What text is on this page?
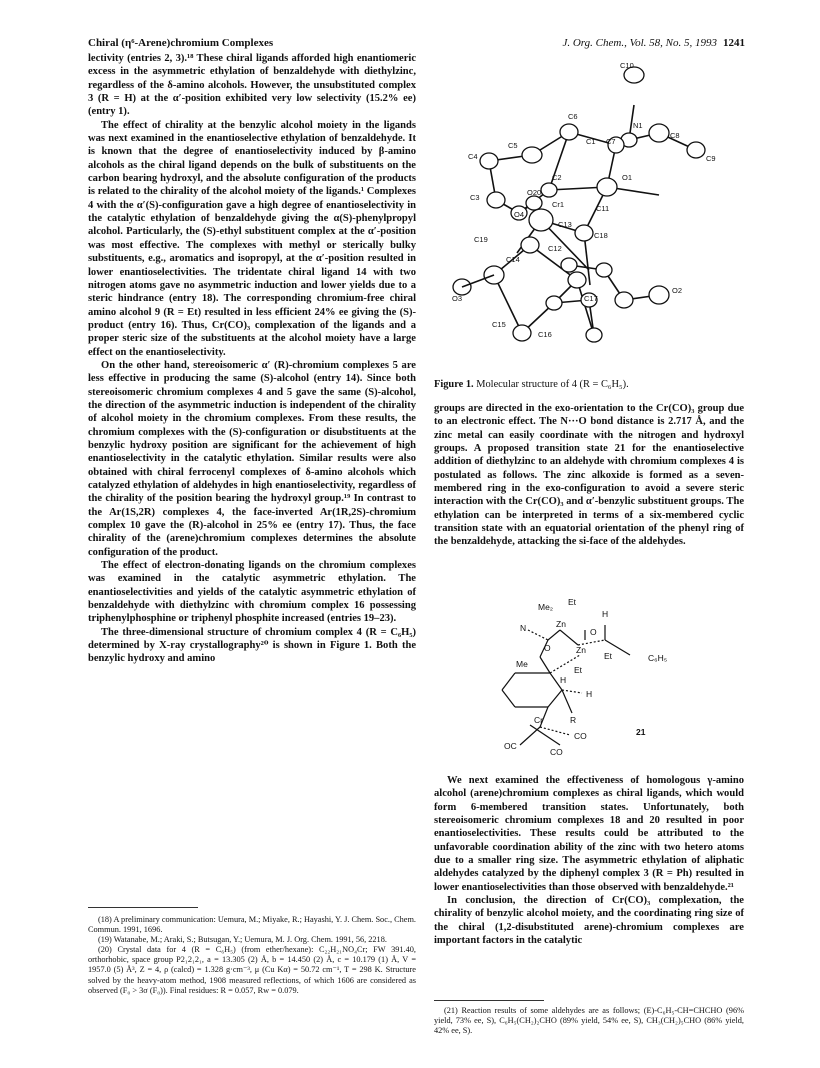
Chiral (η⁶-Arene)chromium Complexes	J. Org. Chem., Vol. 58, No. 5, 1993 1241

lectivity (entries 2, 3).¹⁸ These chiral ligands afforded high enantiomeric excess in the asymmetric ethylation of benzaldehyde with diethylzinc, regardless of the δ-amino alcohols. However, the unsubstituted complex 3 (R = H) at the α′-position exhibited very low selectivity (15.2% ee) (entry 1).

The effect of chirality at the benzylic alcohol moiety in the ligands was next examined in the enantioselective ethylation of benzaldehyde. It is known that the degree of enantioselectivity induced by β-amino alcohols as the chiral ligand depends on the bulk of substituents on the carbon bearing hydroxyl, and the absolute configuration of the products is related to the chirality of the alcohol moiety of the ligands.¹ Complexes 4 with the α′(S)-configuration gave a high degree of enantioselectivity in the catalytic ethylation of benzaldehyde giving the α(S)-phenylpropyl alcohol. Particularly, the (S)-ethyl substituent complex at the α′-position was most effective. The complexes with methyl or sterically bulky substituents, e.g., aromatics and isopropyl, at the α′-position resulted in lower enantioselectivities. The tridentate chiral ligand 14 with two nitrogen atoms gave no asymmetric induction and lower yields due to a steric hindrance (entry 18). The corresponding chromium-free chiral amino alcohol 9 (R = Et) resulted in less efficient 24% ee giving the (S)-product (entry 16). Thus, Cr(CO)₃ complexation of the ligands and a proper steric size of the substituents at the alcohol moiety have a large effect on the enantioselectivity.

On the other hand, stereoisomeric α′ (R)-chromium complexes 5 are less effective in producing the same (S)-alcohol (entry 14). Since both stereoisomeric chromium complexes 4 and 5 gave the same (S)-alcohol, the direction of the asymmetric induction is independent of the chirality of alcohol moiety in the chromium complexes. From these results, the chromium complexes with the (S)-configuration or disubstituents at the benzylic hydroxy position are significant for the achievement of high enantioselectivity in the catalytic ethylation. Similar results were also obtained with chiral ferrocenyl complexes of δ-amino alcohols which catalyzed ethylation of aldehydes in high enantioselectivity, regardless of the chirality of the position bearing the hydroxyl group.¹⁹ In contrast to the Ar(1S,2R) complexes 4, the face-inverted Ar(1R,2S)-chromium complex 10 gave the (R)-alcohol in 25% ee (entry 17). Thus, the face chirality of the (arene)chromium complexes determines the absolute configuration of the product.

The effect of electron-donating ligands on the chromium complexes was examined in the catalytic asymmetric ethylation. The enantioselectivities and yields of the catalytic asymmetric ethylation of benzaldehyde with diethylzinc with chromium complex 16 possessing triphenylphosphine or triphenyl phosphite increased (entries 19–23).

The three-dimensional structure of chromium complex 4 (R = C₆H₅) determined by X-ray crystallography²⁰ is shown in Figure 1. Both the benzylic hydroxy and amino

(18) A preliminary communication: Uemura, M.; Miyake, R.; Hayashi, Y. J. Chem. Soc., Chem. Commun. 1991, 1696.

(19) Watanabe, M.; Araki, S.; Butsugan, Y.; Uemura, M. J. Org. Chem. 1991, 56, 2218.

(20) Crystal data for 4 (R = C₆H₅) (from ether/hexane): C₂₂H₂₁NO₄Cr; FW 391.40, orthorhobic, space group P2₁2₁2₁, a = 13.305 (2) Å, b = 14.450 (2) Å, c = 10.179 (1) Å, V = 1957.0 (5) Å³, Z = 4, ρ (calcd) = 1.328 g·cm⁻³, μ (Cu Kα) = 50.72 cm⁻¹, T = 298 K. Structure solved by the heavy-atom method, 1908 measured reflections, of which 1606 are considered as observed (F₀ > 3σ (F₀)). Final residues: R = 0.057, Rw = 0.079.

C10
C5
C6
N1
C7
C8
C9
C1
C4
C2	O1
C3
O20
Cr1	C11
O4
C13
C18
C19
C12
C14
C17
O2
O3
C15
C16
Figure 1. Molecular structure of 4 (R = C₆H₅).

groups are directed in the exo-orientation to the Cr(CO)₃ group due to an electronic effect. The N···O bond distance is 2.717 Å, and the zinc metal can easily coordinate with the nitrogen and hydroxyl groups. A proposed transition state 21 for the enantioselective addition of diethylzinc to an aldehyde with chromium complexes 4 is postulated as follows. The zinc alkoxide is formed as a seven-membered ring in the exo-configuration to avoid a severe steric interaction with the Cr(CO)₃ and α′-benzylic substituent groups. The ethylation can be interpreted in terms of a six-membered cyclic transition state with an equatorial orientation of the phenyl ring of the benzaldehyde, attacking the si-face of the aldehydes.

Me₂ Et
H
N	Zn
O
Zn
O
C₆H₅
Me
Et
Et
H
H
R
Cr
CO
OC
CO
21

We next examined the effectiveness of homologous γ-amino alcohol (arene)chromium complexes as chiral ligands, which would form 6-membered transition states. Unfortunately, both stereoisomeric chromium complexes 18 and 20 resulted in poor enantioselectivities. These results could be attributed to the unfavorable coordination ability of the zinc with two hetero atoms due to a smaller ring size. The asymmetric ethylation of aliphatic aldehydes catalyzed by the diphenyl complex 3 (R = Ph) resulted in lower enantioselectivities than those observed with benzaldehyde.²¹

In conclusion, the direction of Cr(CO)₃ complexation, the chirality of benzylic alcohol moiety, and the coordinating ring size of the chiral (1,2-disubstituted arene)-chromium complexes are important factors in the catalytic

(21) Reaction results of some aldehydes are as follows; (E)-C₆H₅-CH=CHCHO (96% yield, 73% ee, S), C₆H₅(CH₂)₂CHO (89% yield, 54% ee, S), CH₃(CH₂)₅CHO (86% yield, 42% ee, S).
